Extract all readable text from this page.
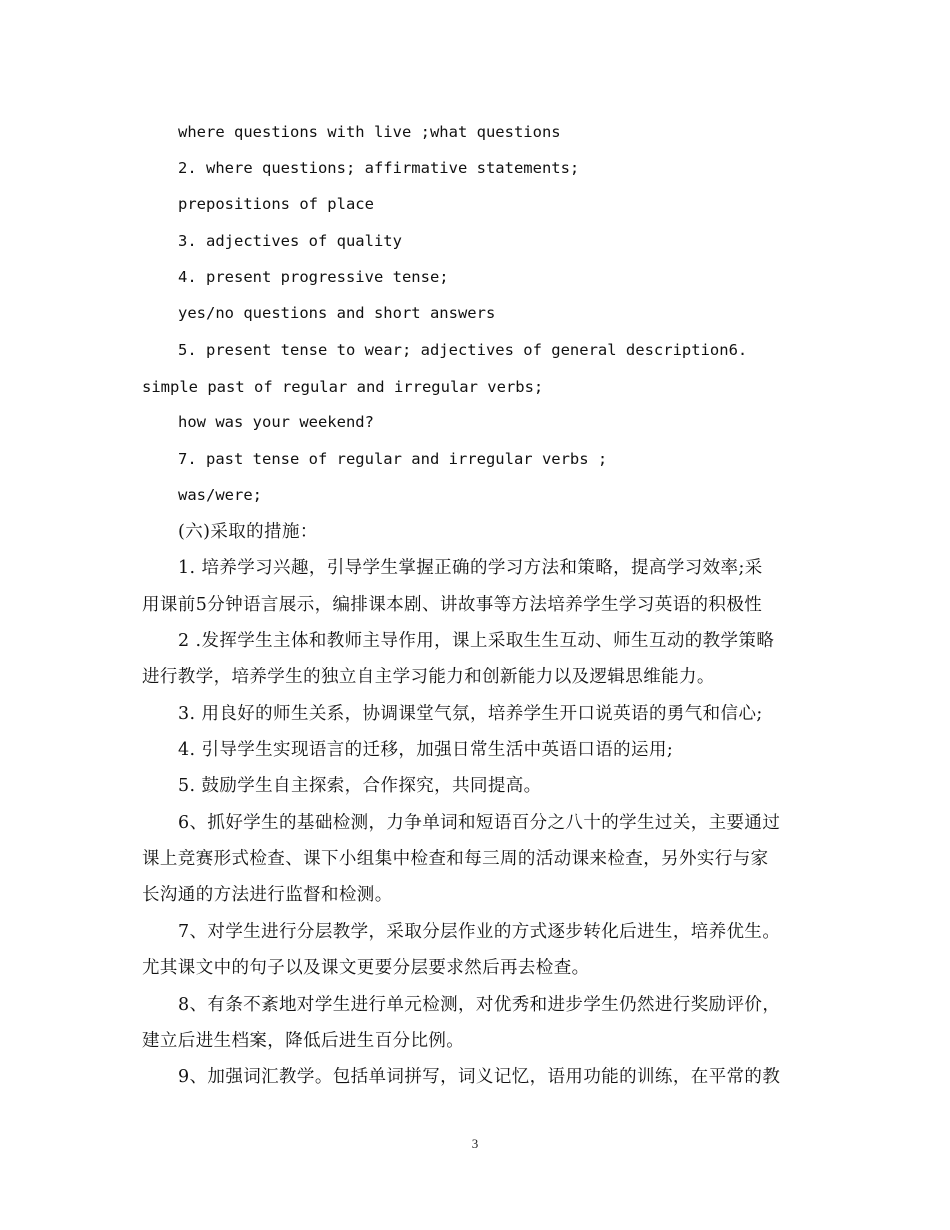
where questions with live ;what questions
2. where questions; affirmative statements;
prepositions of place
3. adjectives of quality
4. present progressive tense;
yes/no questions and short answers
5. present tense to wear; adjectives of general description6.
simple past of regular and irregular verbs;
how was your weekend?
7. past tense of regular and irregular verbs ;
was/were;
(六)采取的措施：
1. 培养学习兴趣，引导学生掌握正确的学习方法和策略，提高学习效率;采
用课前5分钟语言展示，编排课本剧、讲故事等方法培养学生学习英语的积极性
2 .发挥学生主体和教师主导作用，课上采取生生互动、师生互动的教学策略
进行教学，培养学生的独立自主学习能力和创新能力以及逻辑思维能力。
3. 用良好的师生关系，协调课堂气氛，培养学生开口说英语的勇气和信心;
4. 引导学生实现语言的迁移，加强日常生活中英语口语的运用;
5. 鼓励学生自主探索，合作探究，共同提高。
6、抓好学生的基础检测，力争单词和短语百分之八十的学生过关，主要通过
课上竞赛形式检查、课下小组集中检查和每三周的活动课来检查，另外实行与家
长沟通的方法进行监督和检测。
7、对学生进行分层教学，采取分层作业的方式逐步转化后进生，培养优生。
尤其课文中的句子以及课文更要分层要求然后再去检查。
8、有条不紊地对学生进行单元检测，对优秀和进步学生仍然进行奖励评价，
建立后进生档案，降低后进生百分比例。
9、加强词汇教学。包括单词拼写，词义记忆，语用功能的训练，在平常的教
3
